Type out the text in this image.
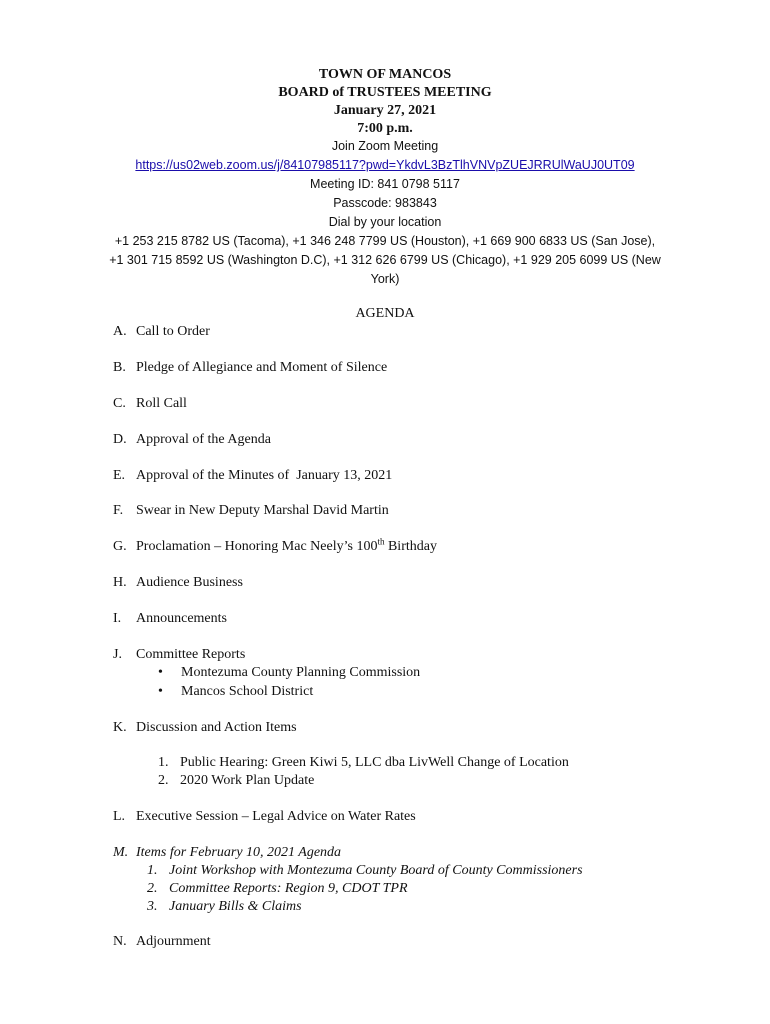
TOWN OF MANCOS
BOARD of TRUSTEES MEETING
January 27, 2021
7:00 p.m.
Join Zoom Meeting
https://us02web.zoom.us/j/84107985117?pwd=YkdvL3BzTlhVNVpZUEJRRUlWaUJ0UT09
Meeting ID: 841 0798 5117
Passcode: 983843
Dial by your location
+1 253 215 8782 US (Tacoma), +1 346 248 7799 US (Houston), +1 669 900 6833 US (San Jose),
+1 301 715 8592 US (Washington D.C), +1 312 626 6799 US (Chicago), +1 929 205 6099 US (New
York)
AGENDA
A. Call to Order
B. Pledge of Allegiance and Moment of Silence
C. Roll Call
D. Approval of the Agenda
E. Approval of the Minutes of  January 13, 2021
F. Swear in New Deputy Marshal David Martin
G. Proclamation – Honoring Mac Neely’s 100th Birthday
H. Audience Business
I. Announcements
J. Committee Reports
• Montezuma County Planning Commission
• Mancos School District
K. Discussion and Action Items
1. Public Hearing: Green Kiwi 5, LLC dba LivWell Change of Location
2. 2020 Work Plan Update
L. Executive Session – Legal Advice on Water Rates
M. Items for February 10, 2021 Agenda
1. Joint Workshop with Montezuma County Board of County Commissioners
2. Committee Reports: Region 9, CDOT TPR
3. January Bills & Claims
N. Adjournment
